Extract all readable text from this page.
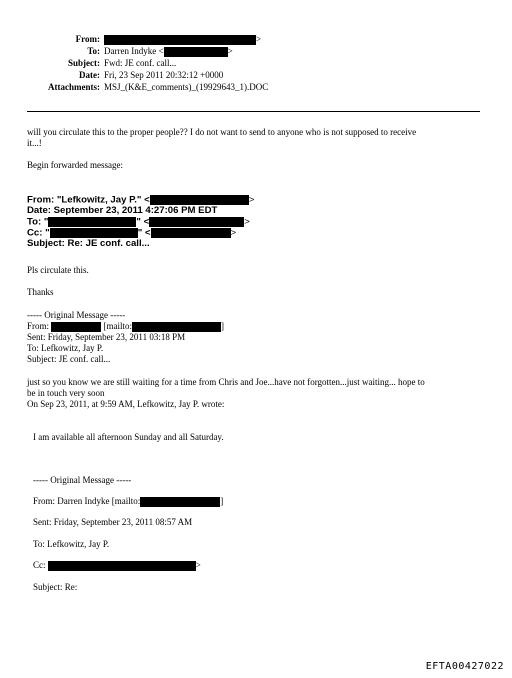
From:	>
To: Darren Indyke <	>
Subject: Fwd: JE conf. call...
Date: Fri, 23 Sep 2011 20:32:12 +0000
Attachments: MSJ_(K&E_comments)_(19929643_1).DOC
will you circulate this to the proper people?? I do not want to send to anyone who is not supposed to receive
it...!
Begin forwarded message:
From: "Lefkowitz, Jay P." <	>
Date: September 23, 2011 4:27:06 PM EDT
To: "	" <	>
Cc: "	" <	>
Subject: Re: JE conf. call...
Pls circulate this.
Thanks
----- Original Message -----
From:	[mailto:	]
Sent: Friday, September 23, 2011 03:18 PM
To: Lefkowitz, Jay P.
Subject: JE conf. call...
just so you know we are still waiting for a time from Chris and Joe...have not forgotten...just waiting... hope to
be in touch very soon
On Sep 23, 2011, at 9:59 AM, Lefkowitz, Jay P. wrote:
I am available all afternoon Sunday and all Saturday.
----- Original Message -----
From: Darren Indyke [mailto:	]
Sent: Friday, September 23, 2011 08:57 AM
To: Lefkowitz, Jay P.
Cc:	>
Subject: Re:
EFTA00427022
